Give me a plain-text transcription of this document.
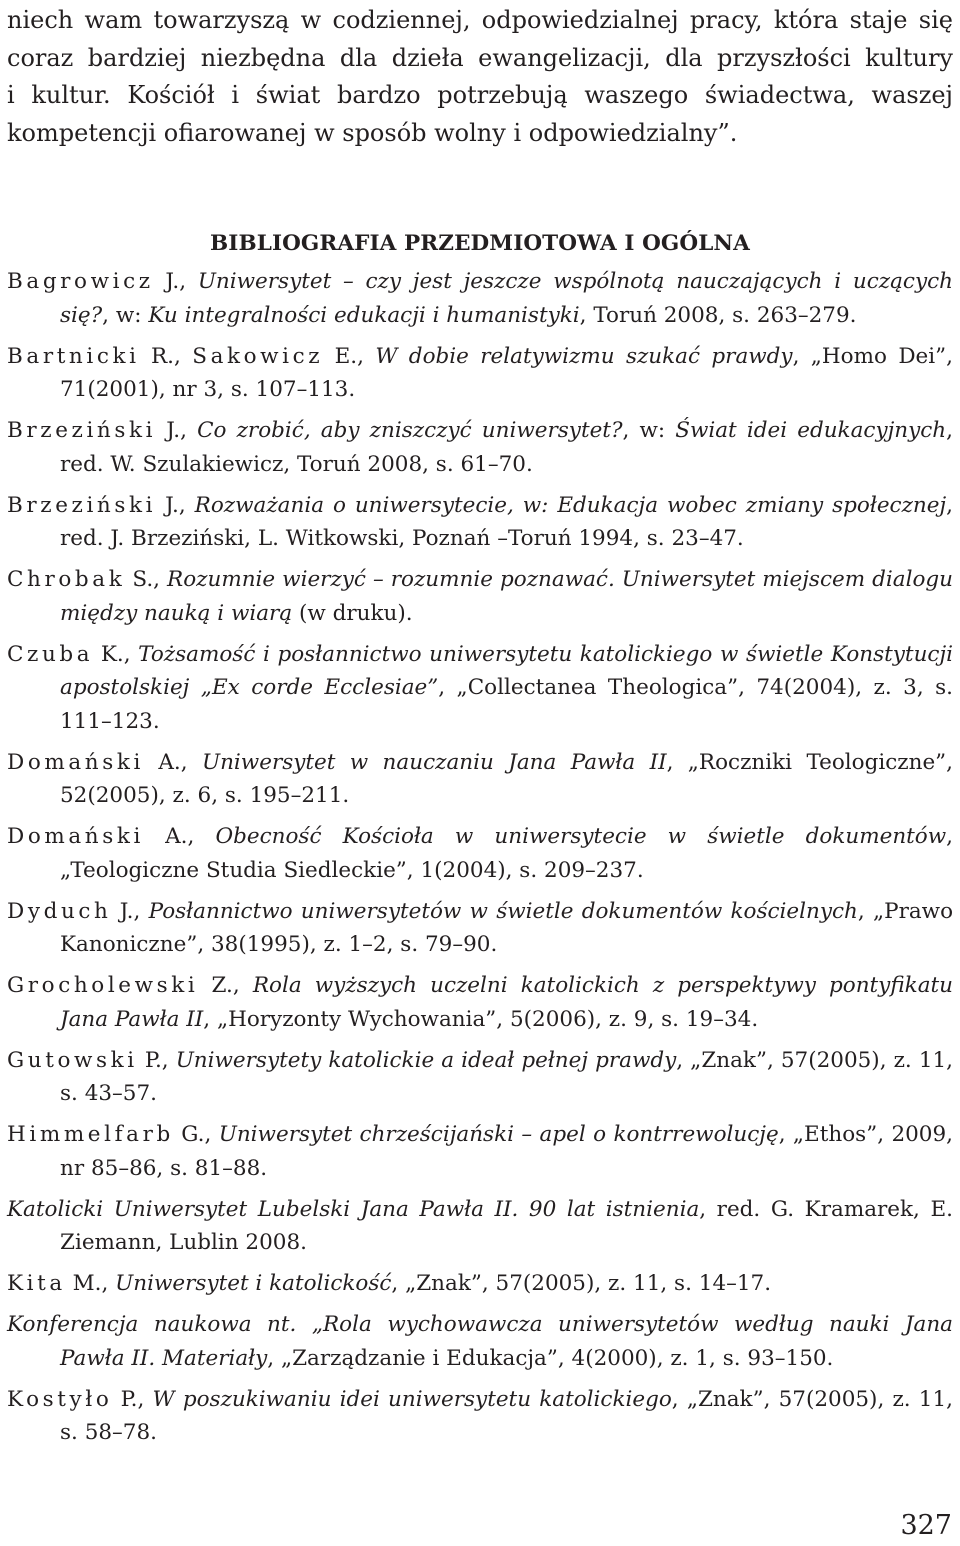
niech wam towarzyszą w codziennej, odpowiedzialnej pracy, która staje się
coraz bardziej niezbędna dla dzieła ewangelizacji, dla przyszłości kultury
i kultur. Kościół i świat bardzo potrzebują waszego świadectwa, waszej
kompetencji ofiarowanej w sposób wolny i odpowiedzialny”.
BIBLIOGRAFIA PRZEDMIOTOWA I OGÓLNA
Bagrowicz J., Uniwersytet – czy jest jeszcze wspólnotą nauczających i uczących się?, w: Ku integralności edukacji i humanistyki, Toruń 2008, s. 263–279.
Bartnicki R., Sakowicz E., W dobie relatywizmu szukać prawdy, „Homo Dei”, 71(2001), nr 3, s. 107–113.
Brzeziński J., Co zrobić, aby zniszczyć uniwersytet?, w: Świat idei edukacyjnych, red. W. Szulakiewicz, Toruń 2008, s. 61–70.
Brzeziński J., Rozważania o uniwersytecie, w: Edukacja wobec zmiany społecznej, red. J. Brzeziński, L. Witkowski, Poznań –Toruń 1994, s. 23–47.
Chrobak S., Rozumnie wierzyć – rozumnie poznawać. Uniwersytet miejscem dialogu między nauką i wiarą (w druku).
Czuba K., Tożsamość i posłannictwo uniwersytetu katolickiego w świetle Konstytucji apostolskiej „Ex corde Ecclesiae”, „Collectanea Theologica”, 74(2004), z. 3, s. 111–123.
Domański A., Uniwersytet w nauczaniu Jana Pawła II, „Roczniki Teologiczne”, 52(2005), z. 6, s. 195–211.
Domański A., Obecność Kościoła w uniwersytecie w świetle dokumentów, „Teologiczne Studia Siedleckie”, 1(2004), s. 209–237.
Dyduch J., Posłannictwo uniwersytetów w świetle dokumentów kościelnych, „Prawo Kanoniczne”, 38(1995), z. 1–2, s. 79–90.
Grocholewski Z., Rola wyższych uczelni katolickich z perspektywy pontyfikatu Jana Pawła II, „Horyzonty Wychowania”, 5(2006), z. 9, s. 19–34.
Gutowski P., Uniwersytety katolickie a ideał pełnej prawdy, „Znak”, 57(2005), z. 11, s. 43–57.
Himmelfarb G., Uniwersytet chrześcijański – apel o kontrrewolucję, „Ethos”, 2009, nr 85–86, s. 81–88.
Katolicki Uniwersytet Lubelski Jana Pawła II. 90 lat istnienia, red. G. Kramarek, E. Ziemann, Lublin 2008.
Kita M., Uniwersytet i katolickość, „Znak”, 57(2005), z. 11, s. 14–17.
Konferencja naukowa nt. „Rola wychowawcza uniwersytetów według nauki Jana Pawła II. Materiały, „Zarządzanie i Edukacja”, 4(2000), z. 1, s. 93–150.
Kostyło P., W poszukiwaniu idei uniwersytetu katolickiego, „Znak”, 57(2005), z. 11, s. 58–78.
327
